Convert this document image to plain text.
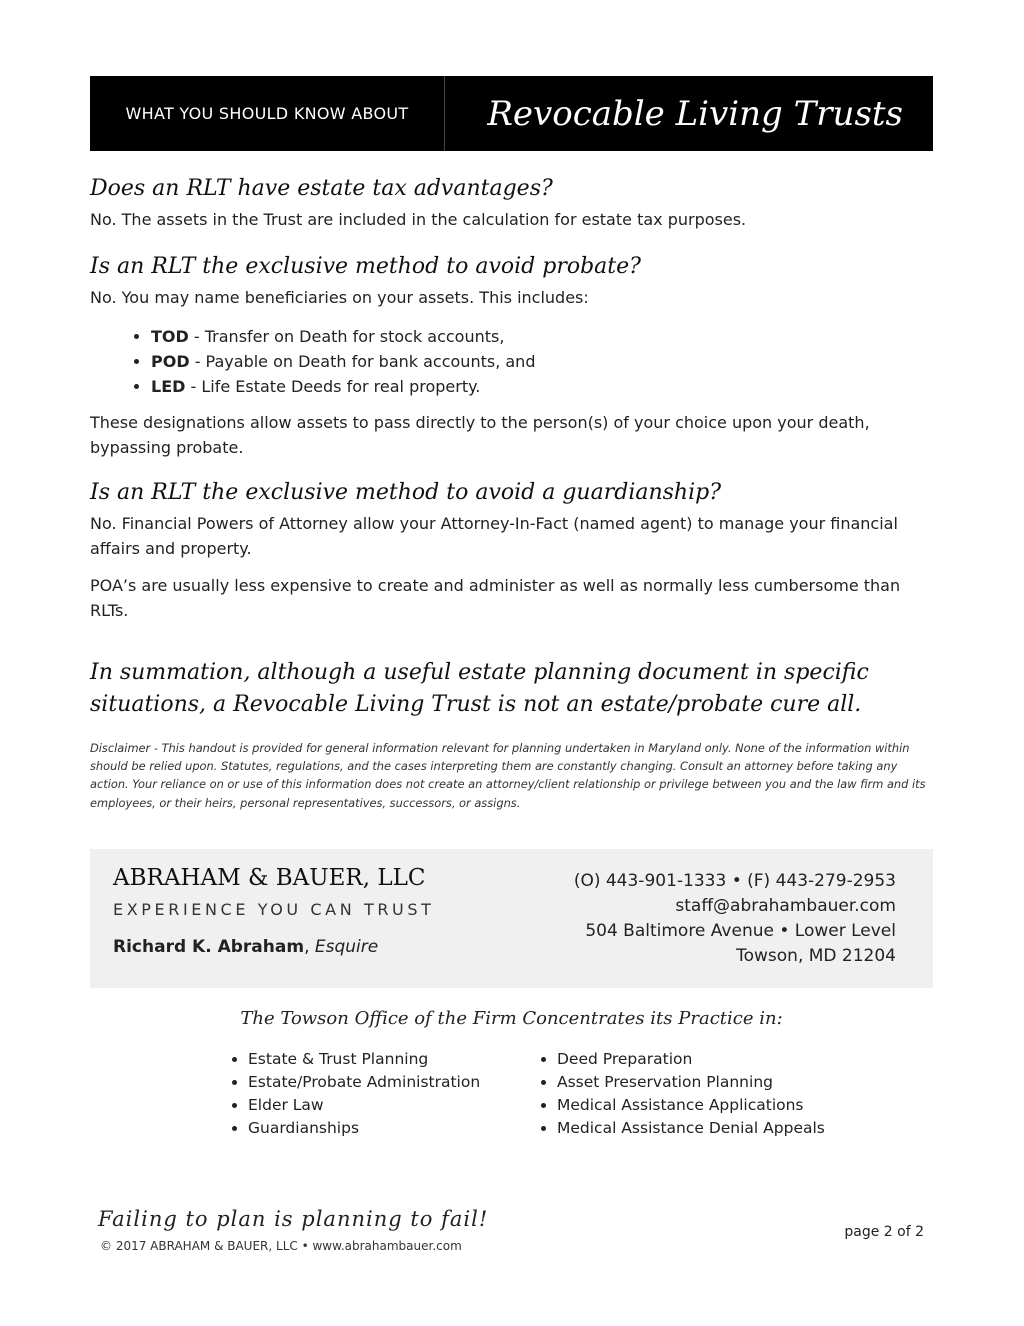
WHAT YOU SHOULD KNOW ABOUT	Revocable Living Trusts
Does an RLT have estate tax advantages?

No. The assets in the Trust are included in the calculation for estate tax purposes.

Is an RLT the exclusive method to avoid probate?

No. You may name beneficiaries on your assets. This includes:

• TOD - Transfer on Death for stock accounts,
• POD - Payable on Death for bank accounts, and
• LED - Life Estate Deeds for real property.

These designations allow assets to pass directly to the person(s) of your choice upon your death, bypassing probate.

Is an RLT the exclusive method to avoid a guardianship?

No. Financial Powers of Attorney allow your Attorney-In-Fact (named agent) to manage your financial affairs and property.

POA’s are usually less expensive to create and administer as well as normally less cumbersome than RLTs.

In summation, although a useful estate planning document in specific situations, a Revocable Living Trust is not an estate/probate cure all.
Disclaimer - This handout is provided for general information relevant for planning undertaken in Maryland only. None of the information within should be relied upon. Statutes, regulations, and the cases interpreting them are constantly changing. Consult an attorney before taking any action. Your reliance on or use of this information does not create an attorney/client relationship or privilege between you and the law firm and its employees, or their heirs, personal representatives, successors, or assigns.
ABRAHAM & BAUER, LLC
EXPERIENCE YOU CAN TRUST
Richard K. Abraham, Esquire
(O) 443-901-1333 • (F) 443-279-2953
staff@abrahambauer.com
504 Baltimore Avenue • Lower Level
Towson, MD 21204
The Towson Office of the Firm Concentrates its Practice in:
• Estate & Trust Planning
• Estate/Probate Administration
• Elder Law
• Guardianships
• Deed Preparation
• Asset Preservation Planning
• Medical Assistance Applications
• Medical Assistance Denial Appeals
Failing to plan is planning to fail!
© 2017 ABRAHAM & BAUER, LLC • www.abrahambauer.com
page 2 of 2
